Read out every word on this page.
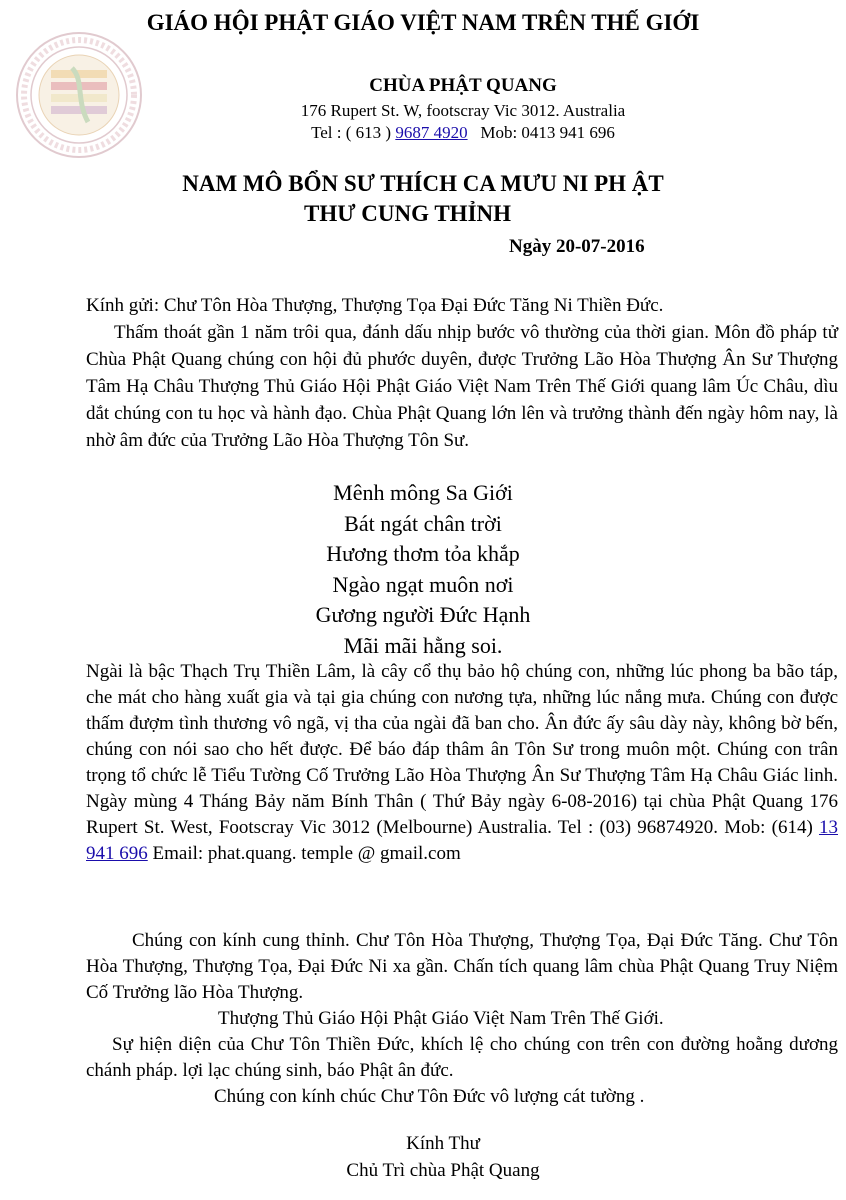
GIÁO HỘI PHẬT GIÁO VIỆT NAM TRÊN THẾ GIỚI
CHÙA PHẬT QUANG
176 Rupert St. W, footscray Vic 3012. Australia
Tel : ( 613 ) 9687 4920 Mob: 0413 941 696
NAM MÔ BỔN SƯ THÍCH CA MƯU NI PH ẬT
THƯ CUNG THỈNH
Ngày 20-07-2016

Kính gửi: Chư Tôn Hòa Thượng, Thượng Tọa Đại Đức Tăng Ni Thiền Đức.

Thấm thoát gần 1 năm trôi qua, đánh dấu nhịp bước vô thường của thời gian. Môn đồ pháp tử Chùa Phật Quang chúng con hội đủ phước duyên, được Trưởng Lão Hòa Thượng Ân Sư Thượng Tâm Hạ Châu Thượng Thủ Giáo Hội Phật Giáo Việt Nam Trên Thế Giới quang lâm Úc Châu, dìu dắt chúng con tu học và hành đạo. Chùa Phật Quang lớn lên và trưởng thành đến ngày hôm nay, là nhờ âm đức của Trưởng Lão Hòa Thượng Tôn Sư.

Mênh mông Sa Giới
Bát ngát chân trời
Hương thơm tỏa khắp
Ngào ngạt muôn nơi
Gương người Đức Hạnh
Mãi mãi hằng soi.

Ngài là bậc Thạch Trụ Thiền Lâm, là cây cổ thụ bảo hộ chúng con, những lúc phong ba bão táp, che mát cho hàng xuất gia và tại gia chúng con nương tựa, những lúc nắng mưa. Chúng con được thấm đượm tình thương vô ngã, vị tha của ngài đã ban cho. Ân đức ấy sâu dày này, không bờ bến, chúng con nói sao cho hết được. Để báo đáp thâm ân Tôn Sư trong muôn một. Chúng con trân trọng tổ chức lễ Tiểu Tường Cố Trưởng Lão Hòa Thượng Ân Sư Thượng Tâm Hạ Châu Giác linh. Ngày mùng 4 Tháng Bảy năm Bính Thân ( Thứ Bảy ngày 6-08-2016) tại chùa Phật Quang 176 Rupert St. West, Footscray Vic 3012 (Melbourne) Australia. Tel : (03) 96874920. Mob: (614) 13 941 696 Email: phat.quang. temple @ gmail.com

Chúng con kính cung thỉnh. Chư Tôn Hòa Thượng, Thượng Tọa, Đại Đức Tăng. Chư Tôn Hòa Thượng, Thượng Tọa, Đại Đức Ni xa gần. Chấn tích quang lâm chùa Phật Quang Truy Niệm Cố Trưởng lão Hòa Thượng.

Thượng Thủ Giáo Hội Phật Giáo Việt Nam Trên Thế Giới.

Sự hiện diện của Chư Tôn Thiền Đức, khích lệ cho chúng con trên con đường hoằng dương chánh pháp. lợi lạc chúng sinh, báo Phật ân đức.

Chúng con kính chúc Chư Tôn Đức vô lượng cát tường .

Kính Thư
Chủ Trì chùa Phật Quang
